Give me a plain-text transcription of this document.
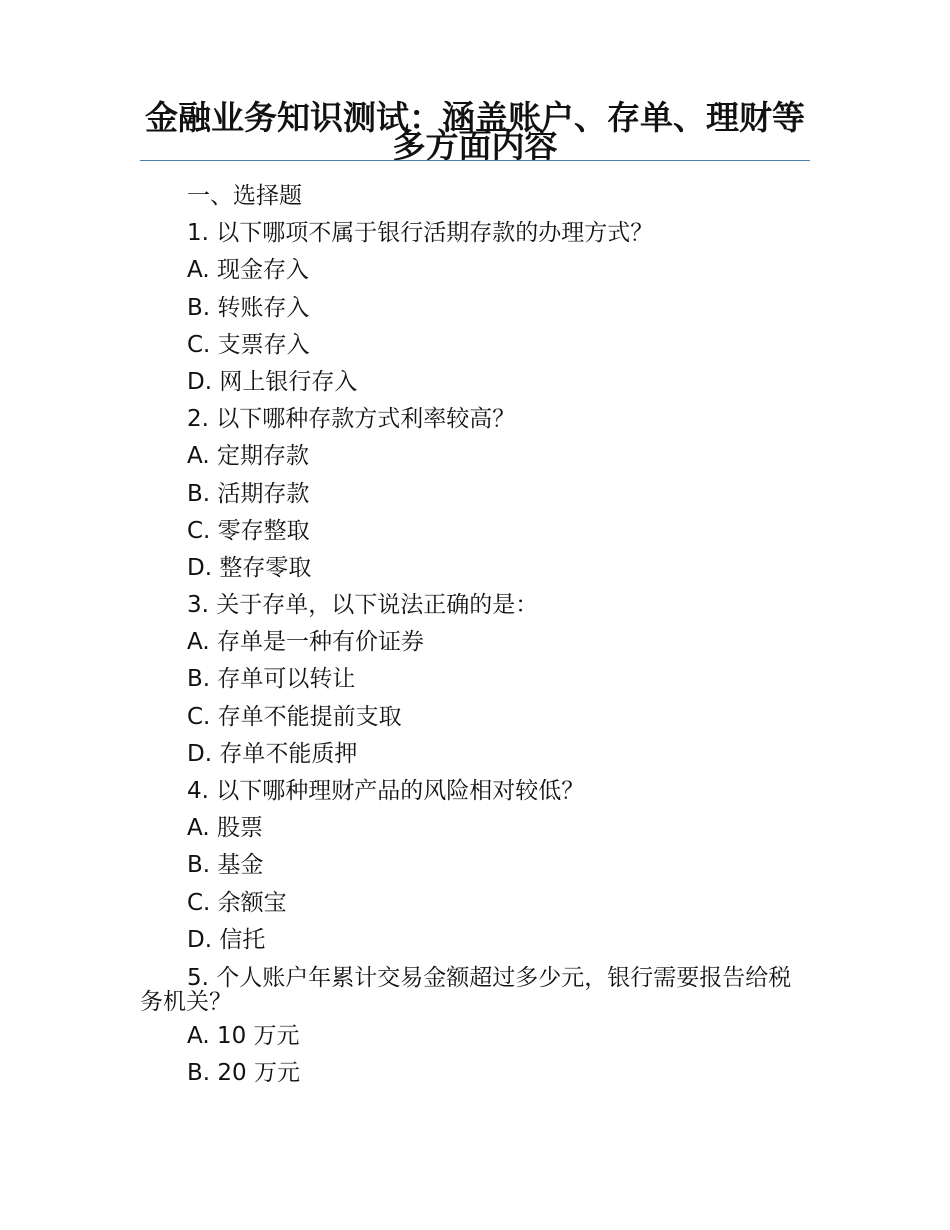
金融业务知识测试：涵盖账户、存单、理财等多方面内容
一、选择题
1. 以下哪项不属于银行活期存款的办理方式？
A. 现金存入
B. 转账存入
C. 支票存入
D. 网上银行存入
2. 以下哪种存款方式利率较高？
A. 定期存款
B. 活期存款
C. 零存整取
D. 整存零取
3. 关于存单，以下说法正确的是：
A. 存单是一种有价证券
B. 存单可以转让
C. 存单不能提前支取
D. 存单不能质押
4. 以下哪种理财产品的风险相对较低？
A. 股票
B. 基金
C. 余额宝
D. 信托
5. 个人账户年累计交易金额超过多少元，银行需要报告给税务机关？
A. 10 万元
B. 20 万元
